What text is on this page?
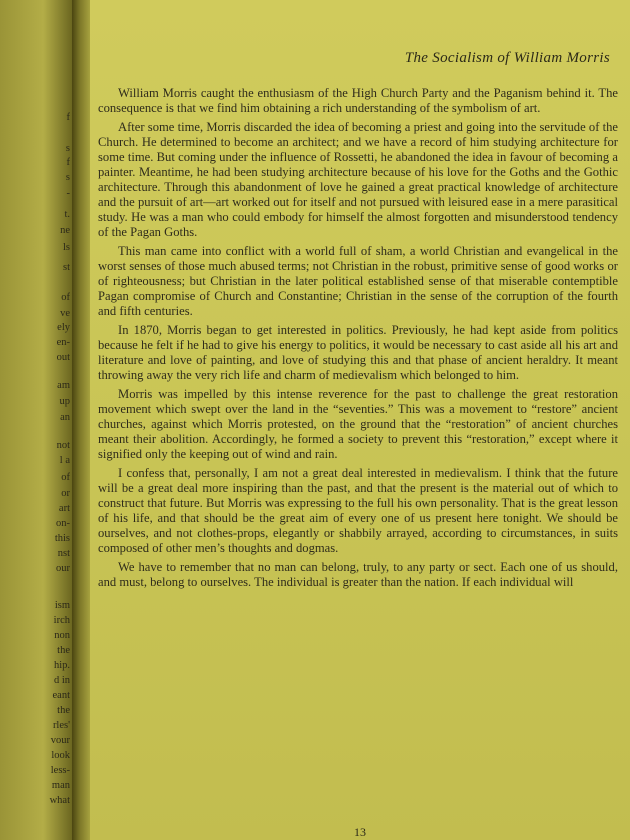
f
s
f
s
-
t.
ne
ls
st
of
ve
ely
en-
out
am
up
an
not
l a
of
or
art
on-
this
nst
our
ism
irch
non
the
hip.
d in
eant
the
rles'
vour
look
less-
man
what
The Socialism of William Morris

William Morris caught the enthusiasm of the High Church Party and the Paganism behind it. The consequence is that we find him obtaining a rich understanding of the symbolism of art.

After some time, Morris discarded the idea of becoming a priest and going into the servitude of the Church. He determined to become an architect; and we have a record of him studying architecture for some time. But coming under the influence of Rossetti, he abandoned the idea in favour of becoming a painter. Meantime, he had been studying architecture because of his love for the Goths and the Gothic architecture. Through this abandonment of love he gained a great practical knowledge of architecture and the pursuit of art—art worked out for itself and not pursued with leisured ease in a mere parasitical study. He was a man who could embody for himself the almost forgotten and misunderstood tendency of the Pagan Goths.

This man came into conflict with a world full of sham, a world Christian and evangelical in the worst senses of those much abused terms; not Christian in the robust, primitive sense of good works or of righteousness; but Christian in the later political established sense of that miserable contemptible Pagan compromise of Church and Constantine; Christian in the sense of the corruption of the fourth and fifth centuries.

In 1870, Morris began to get interested in politics. Previously, he had kept aside from politics because he felt if he had to give his energy to politics, it would be necessary to cast aside all his art and literature and love of painting, and love of studying this and that phase of ancient heraldry. It meant throwing away the very rich life and charm of medievalism which belonged to him.

Morris was impelled by this intense reverence for the past to challenge the great restoration movement which swept over the land in the “seventies.” This was a movement to “restore” ancient churches, against which Morris protested, on the ground that the “restoration” of ancient churches meant their abolition. Accordingly, he formed a society to prevent this “restoration,” except where it signified only the keeping out of wind and rain.

I confess that, personally, I am not a great deal interested in medievalism. I think that the future will be a great deal more inspiring than the past, and that the present is the material out of which to construct that future. But Morris was expressing to the full his own personality. That is the great lesson of his life, and that should be the great aim of every one of us present here tonight. We should be ourselves, and not clothes-props, elegantly or shabbily arrayed, according to circumstances, in suits composed of other men’s thoughts and dogmas.

We have to remember that no man can belong, truly, to any party or sect. Each one of us should, and must, belong to ourselves. The individual is greater than the nation. If each individual will

13
